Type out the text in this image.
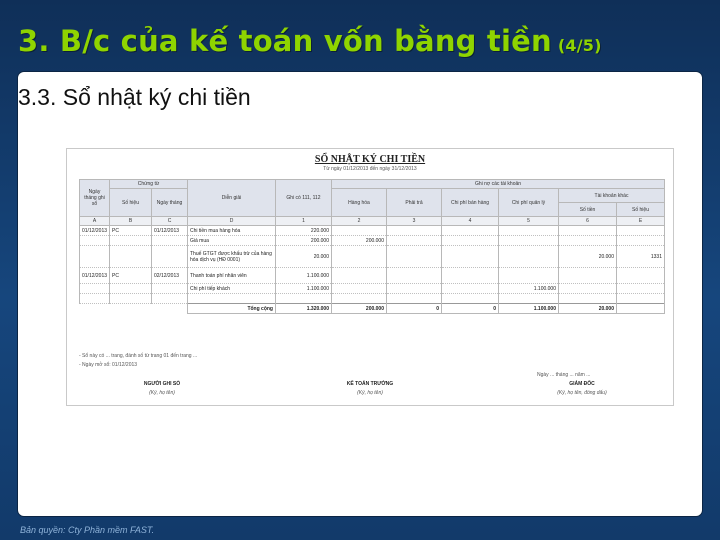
3. B/c của kế toán vốn bằng tiền (4/5)
3.3. Sổ nhật ký chi tiền
SỔ NHẬT KÝ CHI TIỀN
Từ ngày 01/12/2013 đến ngày 31/12/2013
Ngày tháng ghi sổ	Chứng từ		Diễn giải	Ghi có 111, 112	Ghi nợ các tài khoản					
	Số hiệu	Ngày tháng			Hàng hóa	Phải trả	Chi phí bán hàng	Chi phí quản lý	Tài khoản khác	
									Số tiền	Số hiệu
A	B	C	D	1	2	3	4	5	6	E
01/12/2013	PC	01/12/2013	Chi tiền mua hàng hóa	220.000						
			Giá mua	200.000	200.000					
			Thuế GTGT được khấu trừ của hàng hóa dịch vụ (HĐ 0001)	20.000					20.000	1331
01/12/2013	PC	02/12/2013	Thanh toán phí nhân viên	1.100.000						
			Chi phí tiếp khách	1.100.000				1.100.000		

			Tổng cộng	1.320.000	200.000	0	0	1.100.000	20.000	
- Sổ này có ... trang, đánh số từ trang 01 đến trang ...
- Ngày mở sổ: 01/12/2013
Ngày ... tháng ... năm ...
NGƯỜI GHI SỔ
(Ký, họ tên)
KẾ TOÁN TRƯỞNG
(Ký, họ tên)
GIÁM ĐỐC
(Ký, họ tên, đóng dấu)
Bản quyền: Cty Phần mềm FAST.
